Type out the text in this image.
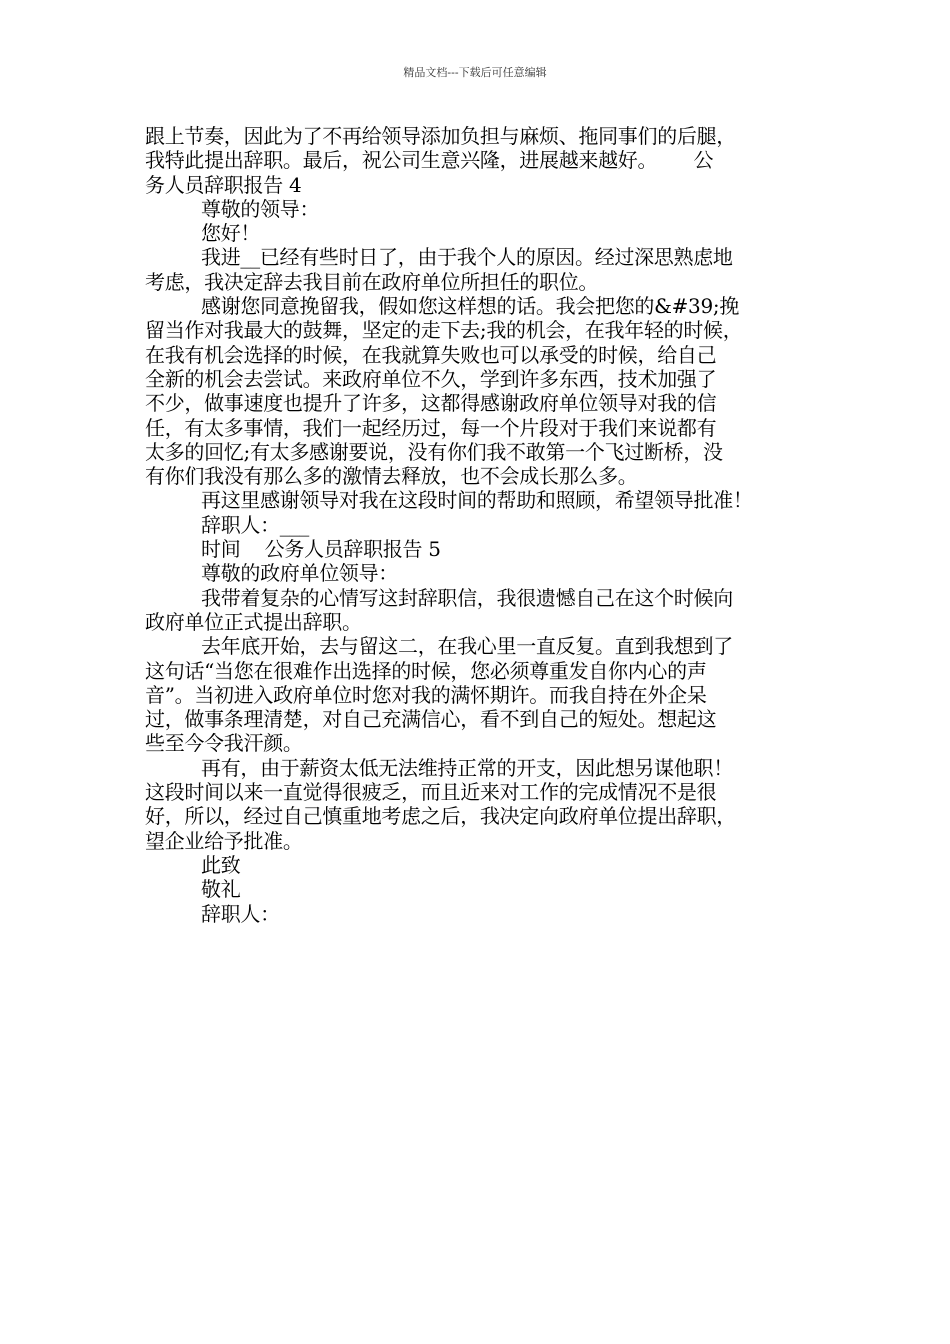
精品文档---下载后可任意编辑
跟上节奏，因此为了不再给领导添加负担与麻烦、拖同事们的后腿，
我特此提出辞职。最后，祝公司生意兴隆，进展越来越好。      公
务人员辞职报告 4
尊敬的领导：
您好！
我进__已经有些时日了，由于我个人的原因。经过深思熟虑地
考虑，我决定辞去我目前在政府单位所担任的职位。
感谢您同意挽留我，假如您这样想的话。我会把您的&#39;挽
留当作对我最大的鼓舞，坚定的走下去;我的机会，在我年轻的时候，
在我有机会选择的时候，在我就算失败也可以承受的时候，给自己
全新的机会去尝试。来政府单位不久，学到许多东西，技术加强了
不少，做事速度也提升了许多，这都得感谢政府单位领导对我的信
任，有太多事情，我们一起经历过，每一个片段对于我们来说都有
太多的回忆;有太多感谢要说，没有你们我不敢第一个飞过断桥，没
有你们我没有那么多的激情去释放，也不会成长那么多。
再这里感谢领导对我在这段时间的帮助和照顾，希望领导批准！
辞职人：___
时间    公务人员辞职报告 5
尊敬的政府单位领导：
我带着复杂的心情写这封辞职信，我很遗憾自己在这个时候向
政府单位正式提出辞职。
去年底开始，去与留这二，在我心里一直反复。直到我想到了
这句话“当您在很难作出选择的时候，您必须尊重发自你内心的声
音”。当初进入政府单位时您对我的满怀期许。而我自持在外企呆
过，做事条理清楚，对自己充满信心，看不到自己的短处。想起这
些至今令我汗颜。
再有，由于薪资太低无法维持正常的开支，因此想另谋他职！
这段时间以来一直觉得很疲乏，而且近来对工作的完成情况不是很
好，所以，经过自己慎重地考虑之后，我决定向政府单位提出辞职，
望企业给予批准。
此致
敬礼
辞职人：
